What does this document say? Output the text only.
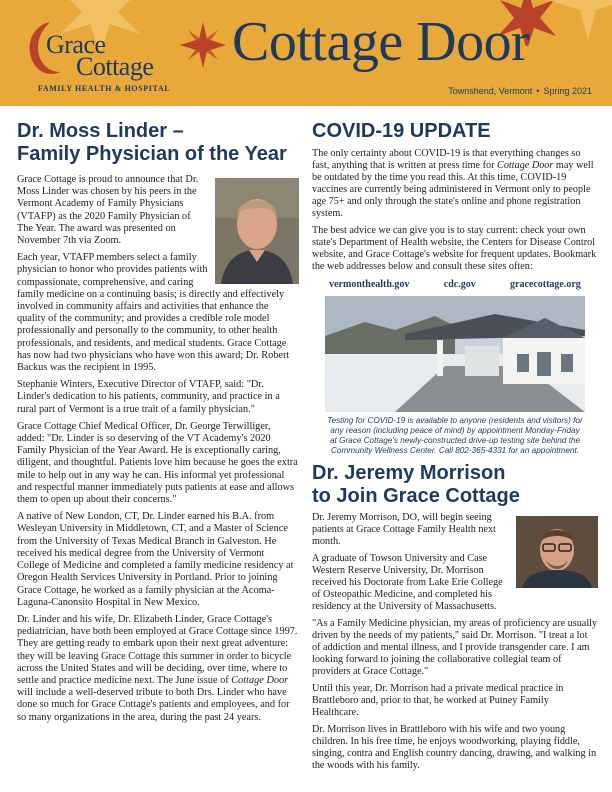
Grace
Cottage
FAMILY HEALTH & HOSPITAL
Cottage Door
Townshend, Vermont • Spring 2021
Dr. Moss Linder –
Family Physician of the Year

Grace Cottage is proud to announce that Dr. Moss Linder was chosen by his peers in the Vermont Academy of Family Physicians (VTAFP) as the 2020 Family Physician of The Year. The award was presented on November 7th via Zoom.

Each year, VTAFP members select a family physician to honor who provides patients with compassionate, comprehensive, and caring family medicine on a continuing basis; is directly and effectively involved in community affairs and activities that enhance the quality of the community; and provides a credible role model professionally and personally to the community, to other health professionals, and residents, and medical students. Grace Cottage has now had two physicians who have won this award; Dr. Robert Backus was the recipient in 1995.

Stephanie Winters, Executive Director of VTAFP, said: "Dr. Linder's dedication to his patients, community, and practice in a rural part of Vermont is a true trait of a family physician."

Grace Cottage Chief Medical Officer, Dr. George Terwilliger, added: "Dr. Linder is so deserving of the VT Academy's 2020 Family Physician of the Year Award. He is exceptionally caring, diligent, and thoughtful. Patients love him because he goes the extra mile to help out in any way he can. His informal yet professional and respectful manner immediately puts patients at ease and allows them to open up about their concerns."

A native of New London, CT, Dr. Linder earned his B.A. from Wesleyan University in Middletown, CT, and a Master of Science from the University of Texas Medical Branch in Galveston. He received his medical degree from the University of Vermont College of Medicine and completed a family medicine residency at Oregon Health Services University in Portland. Prior to joining Grace Cottage, he worked as a family physician at the Acoma-Laguna-Canonsito Hospital in New Mexico.

Dr. Linder and his wife, Dr. Elizabeth Linder, Grace Cottage's pediatrician, have both been employed at Grace Cottage since 1997. They are getting ready to embark upon their next great adventure: they will be leaving Grace Cottage this summer in order to bicycle across the United States and will be deciding, over time, where to settle and practice medicine next. The June issue of Cottage Door will include a well-deserved tribute to both Drs. Linder who have done so much for Grace Cottage's patients and employees, and for so many organizations in the area, during the past 24 years.

COVID-19 UPDATE

The only certainty about COVID-19 is that everything changes so fast, anything that is written at press time for Cottage Door may well be outdated by the time you read this. At this time, COVID-19 vaccines are currently being administered in Vermont only to people age 75+ and only through the state's online and phone registration system.

The best advice we can give you is to stay current: check your own state's Department of Health website, the Centers for Disease Control website, and Grace Cottage's website for frequent updates. Bookmark the web addresses below and consult these sites often:

vermonthealth.gov	cdc.gov	gracecottage.org
Testing for COVID-19 is available to anyone (residents and visitors) for
any reason (including peace of mind) by appointment Monday-Friday
at Grace Cottage's newly-constructed drive-up testing site behind the
Community Wellness Center. Call 802-365-4331 for an appointment.
Dr. Jeremy Morrison
to Join Grace Cottage

Dr. Jeremy Morrison, DO, will begin seeing patients at Grace Cottage Family Health next month.

A graduate of Towson University and Case Western Reserve University, Dr. Morrison received his Doctorate from Lake Erie College of Osteopathic Medicine, and completed his residency at the University of Massachusetts.

"As a Family Medicine physician, my areas of proficiency are usually driven by the needs of my patients," said Dr. Morrison. "I treat a lot of addiction and mental illness, and I provide transgender care. I am looking forward to joining the collaborative collegial team of providers at Grace Cottage."

Until this year, Dr. Morrison had a private medical practice in Brattleboro and, prior to that, he worked at Putney Family Healthcare.

Dr. Morrison lives in Brattleboro with his wife and two young children. In his free time, he enjoys woodworking, playing fiddle, singing, contra and English country dancing, drawing, and walking in the woods with his family.
